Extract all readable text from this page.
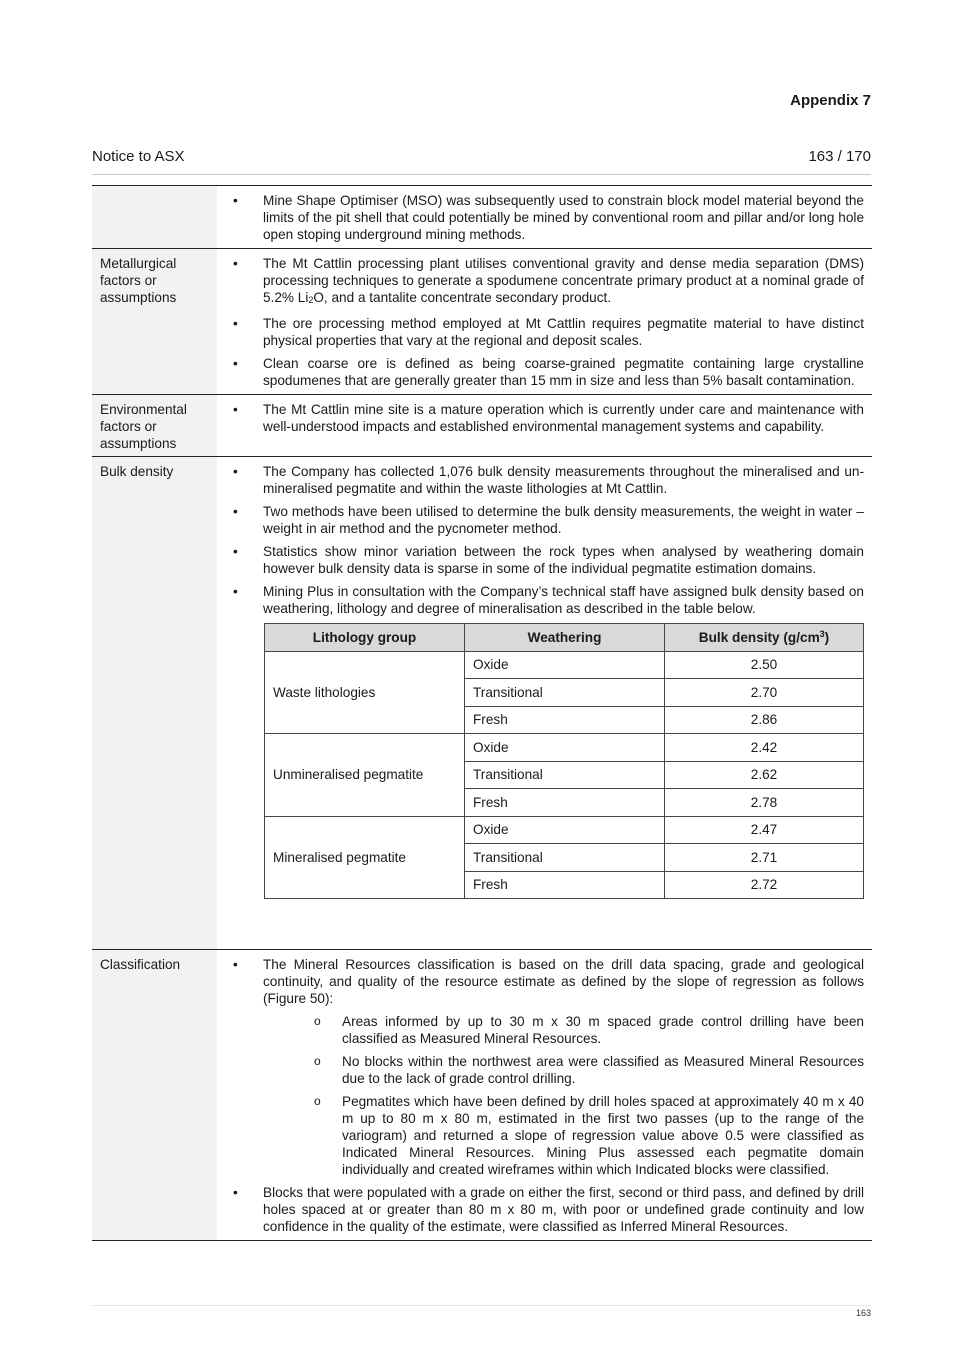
Appendix 7
Notice to ASX	163 / 170

• Mine Shape Optimiser (MSO) was subsequently used to constrain block model material beyond the limits of the pit shell that could potentially be mined by conventional room and pillar and/or long hole open stoping underground mining methods.

Metallurgical factors or assumptions	
• The Mt Cattlin processing plant utilises conventional gravity and dense media separation (DMS) processing techniques to generate a spodumene concentrate primary product at a nominal grade of 5.2% $Li_2O$, and a tantalite concentrate secondary product.
• The ore processing method employed at Mt Cattlin requires pegmatite material to have distinct physical properties that vary at the regional and deposit scales.
• Clean coarse ore is defined as being coarse-grained pegmatite containing large crystalline spodumenes that are generally greater than 15 mm in size and less than 5% basalt contamination.

Environmental factors or assumptions	
• The Mt Cattlin mine site is a mature operation which is currently under care and maintenance with well-understood impacts and established environmental management systems and capability.

Bulk density	
•The Company has collected 1,076 bulk density measurements throughout the mineralised and un-mineralised pegmatite and within the waste lithologies at Mt Cattlin.
• Two methods have been utilised to determine the bulk density measurements, the weight in water – weight in air method and the pycnometer method.
• Statistics show minor variation between the rock types when analysed by weathering domain however bulk density data is sparse in some of the individual pegmatite estimation domains.
• Mining Plus in consultation with the Company’s technical staff have assigned bulk density based on weathering, lithology and degree of mineralisation as described in the table below.
Lithology group	Weathering	Bulk density $(g/cm^3)$
Waste lithologies	Oxide	2.50
Transitional	2.70
Fresh	2.86
Unmineralised pegmatite	Oxide	2.42
Transitional	2.62
Fresh	2.78
Mineralised pegmatite	Oxide	2.47
Transitional	2.71
Fresh	2.72

Classification	
•The Mineral Resources classification is based on the drill data spacing, grade and geological continuity, and quality of the resource estimate as defined by the slope of regression as follows (Figure 50):
o Areas informed by up to 30 m x 30 m spaced grade control drilling have been classified as Measured Mineral Resources.
o No blocks within the northwest area were classified as Measured Mineral Resources due to the lack of grade control drilling.
o Pegmatites which have been defined by drill holes spaced at approximately 40 m x 40 m up to 80 m x 80 m, estimated in the first two passes (up to the range of the variogram) and returned a slope of regression value above 0.5 were classified as Indicated Mineral Resources. Mining Plus assessed each pegmatite domain individually and created wireframes within which Indicated blocks were classified.
• Blocks that were populated with a grade on either the first, second or third pass, and defined by drill holes spaced at or greater than 80 m x 80 m, with poor or undefined grade continuity and low confidence in the quality of the estimate, were classified as Inferred Mineral Resources.
163
